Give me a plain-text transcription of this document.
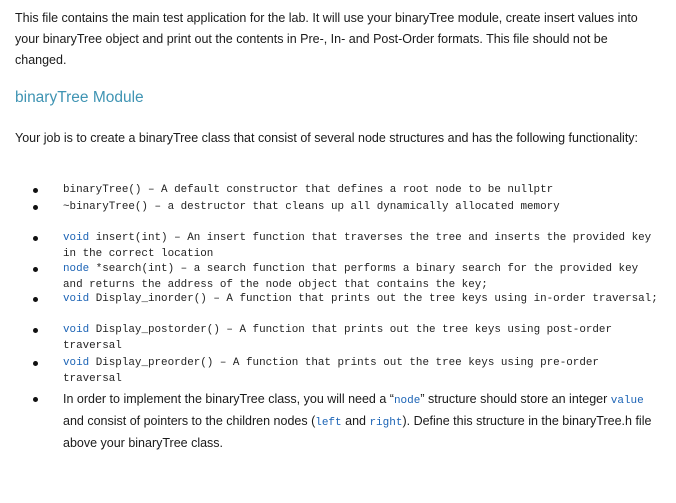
This file contains the main test application for the lab. It will use your binaryTree module, create insert values into your binaryTree object and print out the contents in Pre-, In- and Post-Order formats. This file should not be changed.

binaryTree Module

Your job is to create a binaryTree class that consist of several node structures and has the following functionality:

binaryTree() – A default constructor that defines a root node to be nullptr
~binaryTree() – a destructor that cleans up all dynamically allocated memory
void insert(int) – An insert function that traverses the tree and inserts the provided key in the correct location
node *search(int) – a search function that performs a binary search for the provided key and returns the address of the node object that contains the key;
void Display_inorder() – A function that prints out the tree keys using in-order traversal;
void Display_postorder() – A function that prints out the tree keys using post-order traversal
void Display_preorder() – A function that prints out the tree keys using pre-order traversal
In order to implement the binaryTree class, you will need a “node” structure should store an integer value and consist of pointers to the children nodes (left and right). Define this structure in the binaryTree.h file above your binaryTree class.
